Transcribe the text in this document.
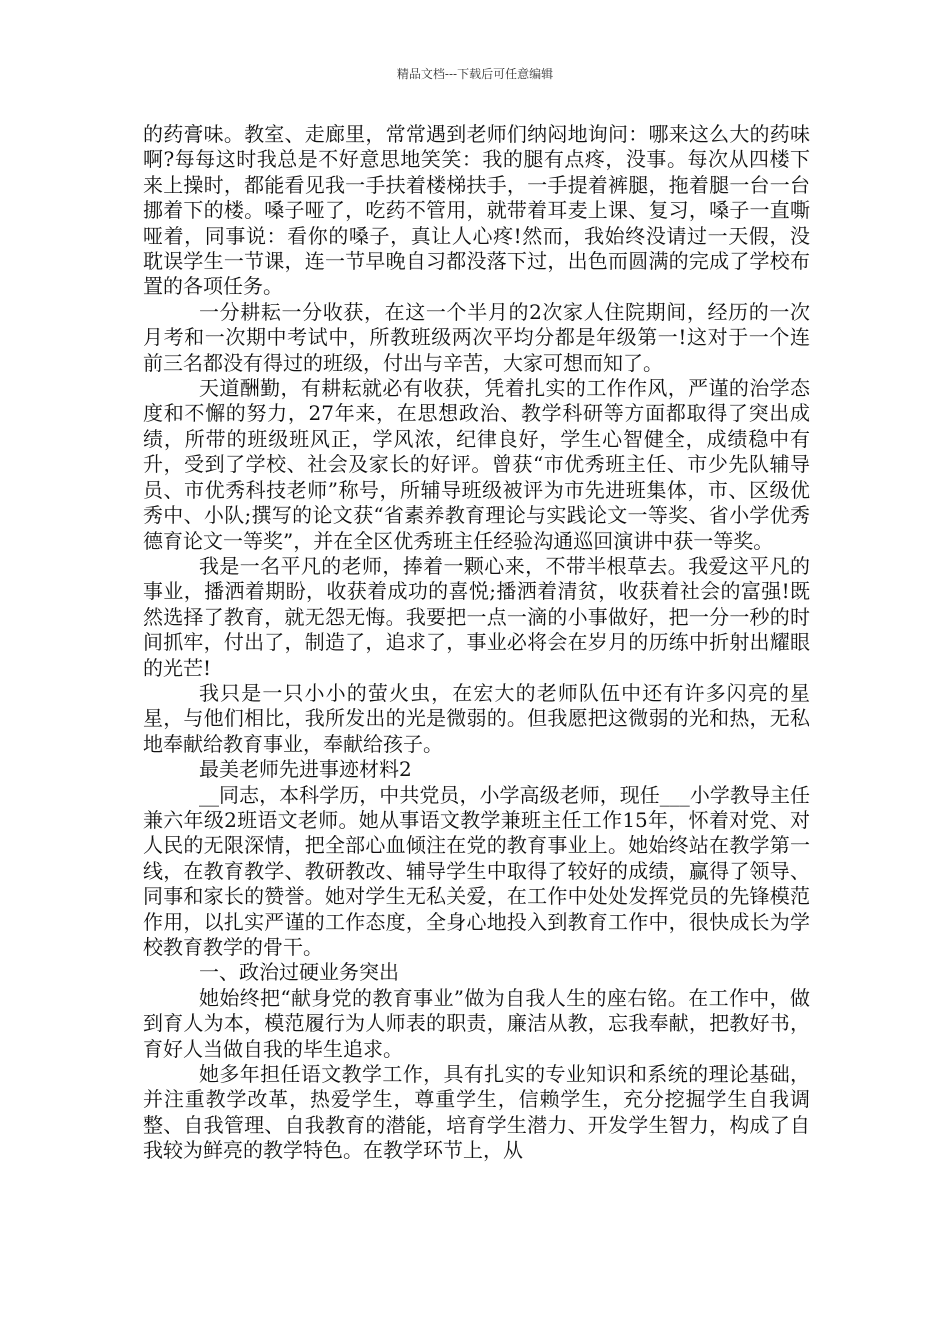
精品文档---下载后可任意编辑

的药膏味。教室、走廊里，常常遇到老师们纳闷地询问：哪来这么大的药味啊?每每这时我总是不好意思地笑笑：我的腿有点疼，没事。每次从四楼下来上操时，都能看见我一手扶着楼梯扶手，一手提着裤腿，拖着腿一台一台挪着下的楼。嗓子哑了，吃药不管用，就带着耳麦上课、复习，嗓子一直嘶哑着，同事说：看你的嗓子，真让人心疼!然而，我始终没请过一天假，没耽误学生一节课，连一节早晚自习都没落下过，出色而圆满的完成了学校布置的各项任务。

一分耕耘一分收获，在这一个半月的2次家人住院期间，经历的一次月考和一次期中考试中，所教班级两次平均分都是年级第一!这对于一个连前三名都没有得过的班级，付出与辛苦，大家可想而知了。

天道酬勤，有耕耘就必有收获，凭着扎实的工作作风，严谨的治学态度和不懈的努力，27年来，在思想政治、教学科研等方面都取得了突出成绩，所带的班级班风正，学风浓，纪律良好，学生心智健全，成绩稳中有升，受到了学校、社会及家长的好评。曾获“市优秀班主任、市少先队辅导员、市优秀科技老师”称号，所辅导班级被评为市先进班集体，市、区级优秀中、小队;撰写的论文获“省素养教育理论与实践论文一等奖、省小学优秀德育论文一等奖”，并在全区优秀班主任经验沟通巡回演讲中获一等奖。

我是一名平凡的老师，捧着一颗心来，不带半根草去。我爱这平凡的事业，播洒着期盼，收获着成功的喜悦;播洒着清贫，收获着社会的富强!既然选择了教育，就无怨无悔。我要把一点一滴的小事做好，把一分一秒的时间抓牢，付出了，制造了，追求了，事业必将会在岁月的历练中折射出耀眼的光芒!

我只是一只小小的萤火虫，在宏大的老师队伍中还有许多闪亮的星星，与他们相比，我所发出的光是微弱的。但我愿把这微弱的光和热，无私地奉献给教育事业，奉献给孩子。

最美老师先进事迹材料2

__同志，本科学历，中共党员，小学高级老师，现任___小学教导主任兼六年级2班语文老师。她从事语文教学兼班主任工作15年，怀着对党、对人民的无限深情，把全部心血倾注在党的教育事业上。她始终站在教学第一线，在教育教学、教研教改、辅导学生中取得了较好的成绩，赢得了领导、同事和家长的赞誉。她对学生无私关爱，在工作中处处发挥党员的先锋模范作用，以扎实严谨的工作态度，全身心地投入到教育工作中，很快成长为学校教育教学的骨干。

一、政治过硬业务突出

她始终把“献身党的教育事业”做为自我人生的座右铭。在工作中，做到育人为本，模范履行为人师表的职责，廉洁从教，忘我奉献，把教好书，育好人当做自我的毕生追求。

她多年担任语文教学工作，具有扎实的专业知识和系统的理论基础，并注重教学改革，热爱学生，尊重学生，信赖学生，充分挖掘学生自我调整、自我管理、自我教育的潜能，培育学生潜力、开发学生智力，构成了自我较为鲜亮的教学特色。在教学环节上，从
